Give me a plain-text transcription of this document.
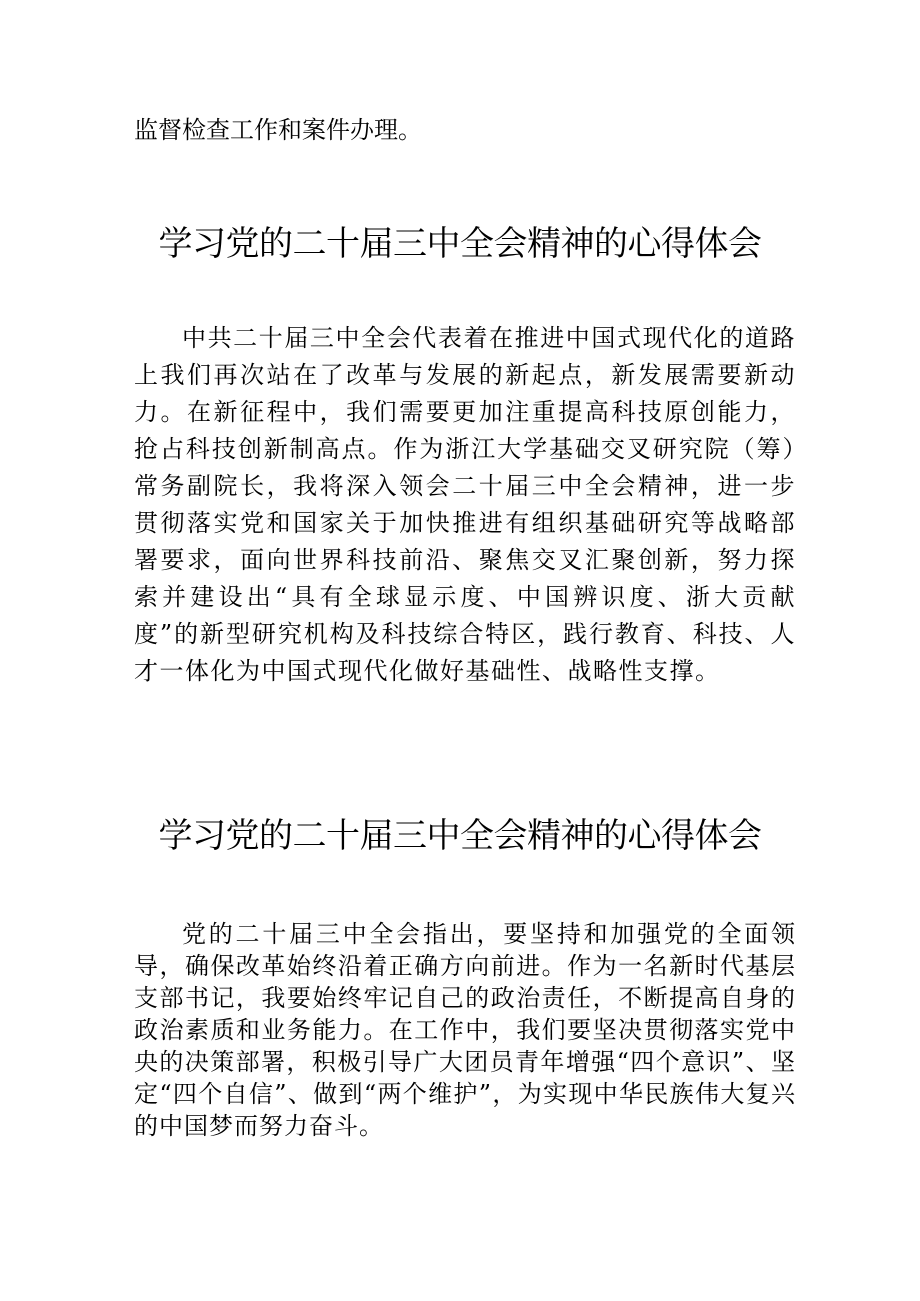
监督检查工作和案件办理。

学习党的二十届三中全会精神的心得体会

中共二十届三中全会代表着在推进中国式现代化的道路上我们再次站在了改革与发展的新起点，新发展需要新动力。在新征程中，我们需要更加注重提高科技原创能力，抢占科技创新制高点。作为浙江大学基础交叉研究院（筹）常务副院长，我将深入领会二十届三中全会精神，进一步贯彻落实党和国家关于加快推进有组织基础研究等战略部署要求，面向世界科技前沿、聚焦交叉汇聚创新，努力探索并建设出“具有全球显示度、中国辨识度、浙大贡献度”的新型研究机构及科技综合特区，践行教育、科技、人才一体化为中国式现代化做好基础性、战略性支撑。

学习党的二十届三中全会精神的心得体会

党的二十届三中全会指出，要坚持和加强党的全面领导，确保改革始终沿着正确方向前进。作为一名新时代基层支部书记，我要始终牢记自己的政治责任，不断提高自身的政治素质和业务能力。在工作中，我们要坚决贯彻落实党中央的决策部署，积极引导广大团员青年增强“四个意识”、坚定“四个自信”、做到“两个维护”，为实现中华民族伟大复兴的中国梦而努力奋斗。
